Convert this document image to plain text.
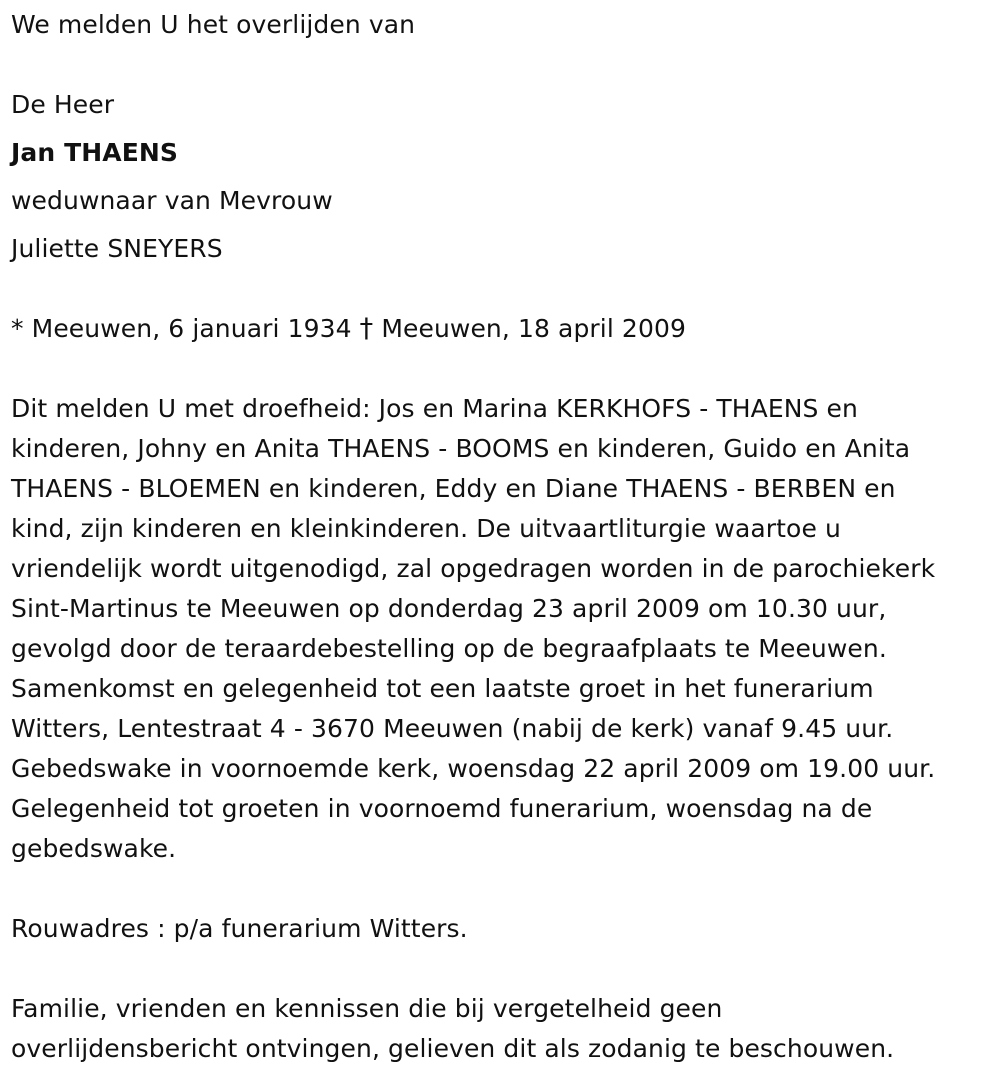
We melden U het overlijden van
De Heer
Jan THAENS
weduwnaar van Mevrouw
Juliette SNEYERS
* Meeuwen, 6 januari 1934 † Meeuwen, 18 april 2009
Dit melden U met droefheid: Jos en Marina KERKHOFS - THAENS en
kinderen, Johny en Anita THAENS - BOOMS en kinderen, Guido en Anita
THAENS - BLOEMEN en kinderen, Eddy en Diane THAENS - BERBEN en
kind, zijn kinderen en kleinkinderen. De uitvaartliturgie waartoe u
vriendelijk wordt uitgenodigd, zal opgedragen worden in de parochiekerk
Sint-Martinus te Meeuwen op donderdag 23 april 2009 om 10.30 uur,
gevolgd door de teraardebestelling op de begraafplaats te Meeuwen.
Samenkomst en gelegenheid tot een laatste groet in het funerarium
Witters, Lentestraat 4 - 3670 Meeuwen (nabij de kerk) vanaf 9.45 uur.
Gebedswake in voornoemde kerk, woensdag 22 april 2009 om 19.00 uur.
Gelegenheid tot groeten in voornoemd funerarium, woensdag na de
gebedswake.
Rouwadres : p/a funerarium Witters.
Familie, vrienden en kennissen die bij vergetelheid geen
overlijdensbericht ontvingen, gelieven dit als zodanig te beschouwen.
